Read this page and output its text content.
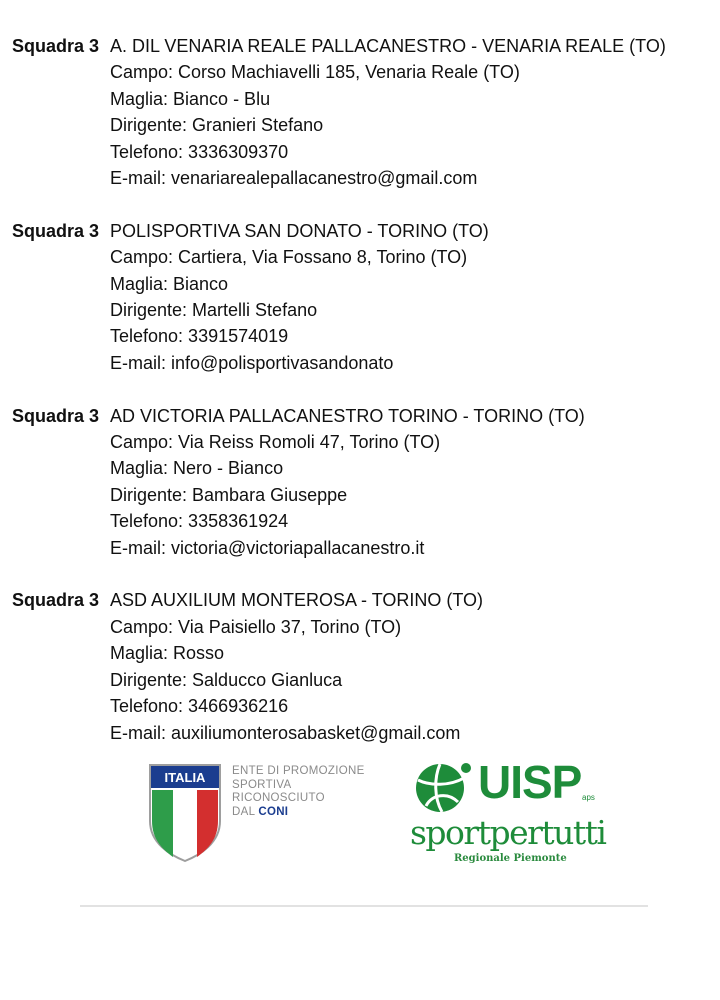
Squadra 3 A. DIL VENARIA REALE PALLACANESTRO - VENARIA REALE (TO)
Campo: Corso Machiavelli 185, Venaria Reale (TO)
Maglia: Bianco - Blu
Dirigente: Granieri Stefano
Telefono: 3336309370
E-mail: venariarealepallacanestro@gmail.com
Squadra 3 POLISPORTIVA SAN DONATO - TORINO (TO)
Campo: Cartiera, Via Fossano 8, Torino (TO)
Maglia: Bianco
Dirigente: Martelli Stefano
Telefono: 3391574019
E-mail: info@polisportivasandonato
Squadra 3 AD VICTORIA PALLACANESTRO TORINO - TORINO (TO)
Campo: Via Reiss Romoli 47, Torino (TO)
Maglia: Nero - Bianco
Dirigente: Bambara Giuseppe
Telefono: 3358361924
E-mail: victoria@victoriapallacanestro.it
Squadra 3 ASD AUXILIUM MONTEROSA - TORINO (TO)
Campo: Via Paisiello 37, Torino (TO)
Maglia: Rosso
Dirigente: Salducco Gianluca
Telefono: 3466936216
E-mail: auxiliumonterosabasket@gmail.com
ITALIA ENTE DI PROMOZIONE
SPORTIVA
RICONOSCIUTO
DAL CONI
UISP aps
sportpertutti
Regionale Piemonte
